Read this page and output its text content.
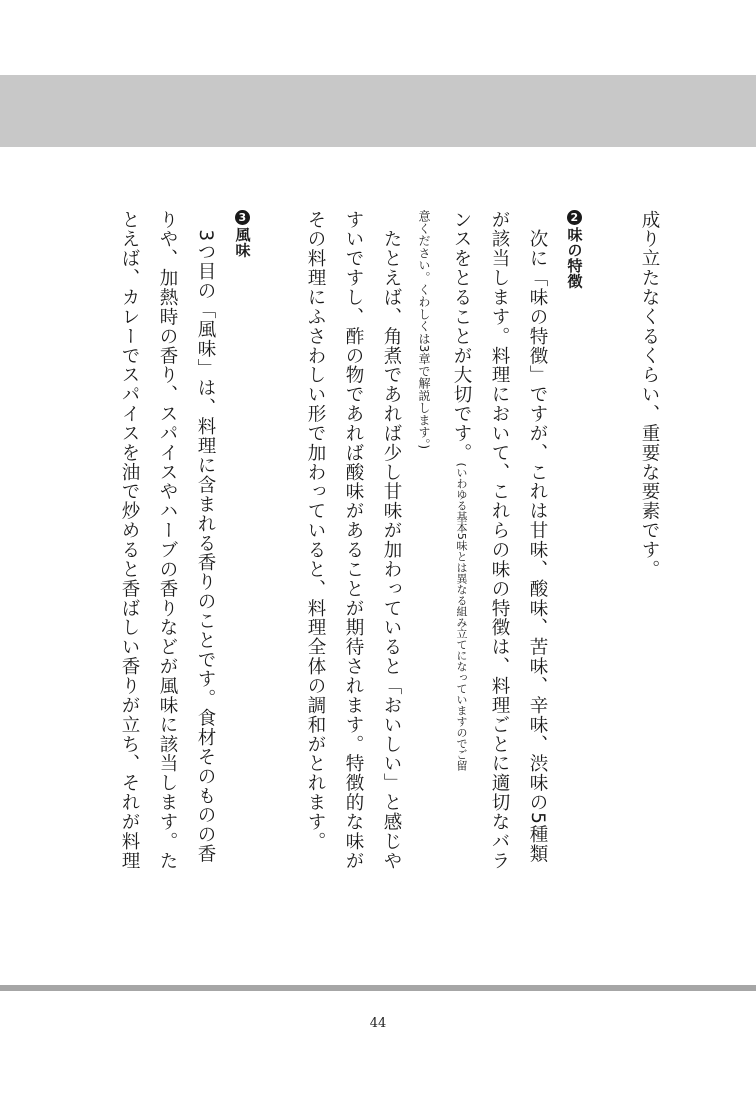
成り立たなくるくらい、重要な要素です。
2味の特徴
　次に「味の特徴」ですが、これは甘味、酸味、苦味、辛味、渋味の5種類
が該当します。料理において、これらの味の特徴は、料理ごとに適切なバラ
ンスをとることが大切です。(いわゆる基本5味とは異なる組み立てになっていますのでご留
意ください。くわしくは3章で解説します。)
　たとえば、角煮であれば少し甘味が加わっていると「おいしい」と感じや
すいですし、酢の物であれば酸味があることが期待されます。特徴的な味が
その料理にふさわしい形で加わっていると、料理全体の調和がとれます。
3風味
　3つ目の「風味」は、料理に含まれる香りのことです。食材そのものの香
りや、加熱時の香り、スパイスやハーブの香りなどが風味に該当します。た
とえば、カレーでスパイスを油で炒めると香ばしい香りが立ち、それが料理
44
